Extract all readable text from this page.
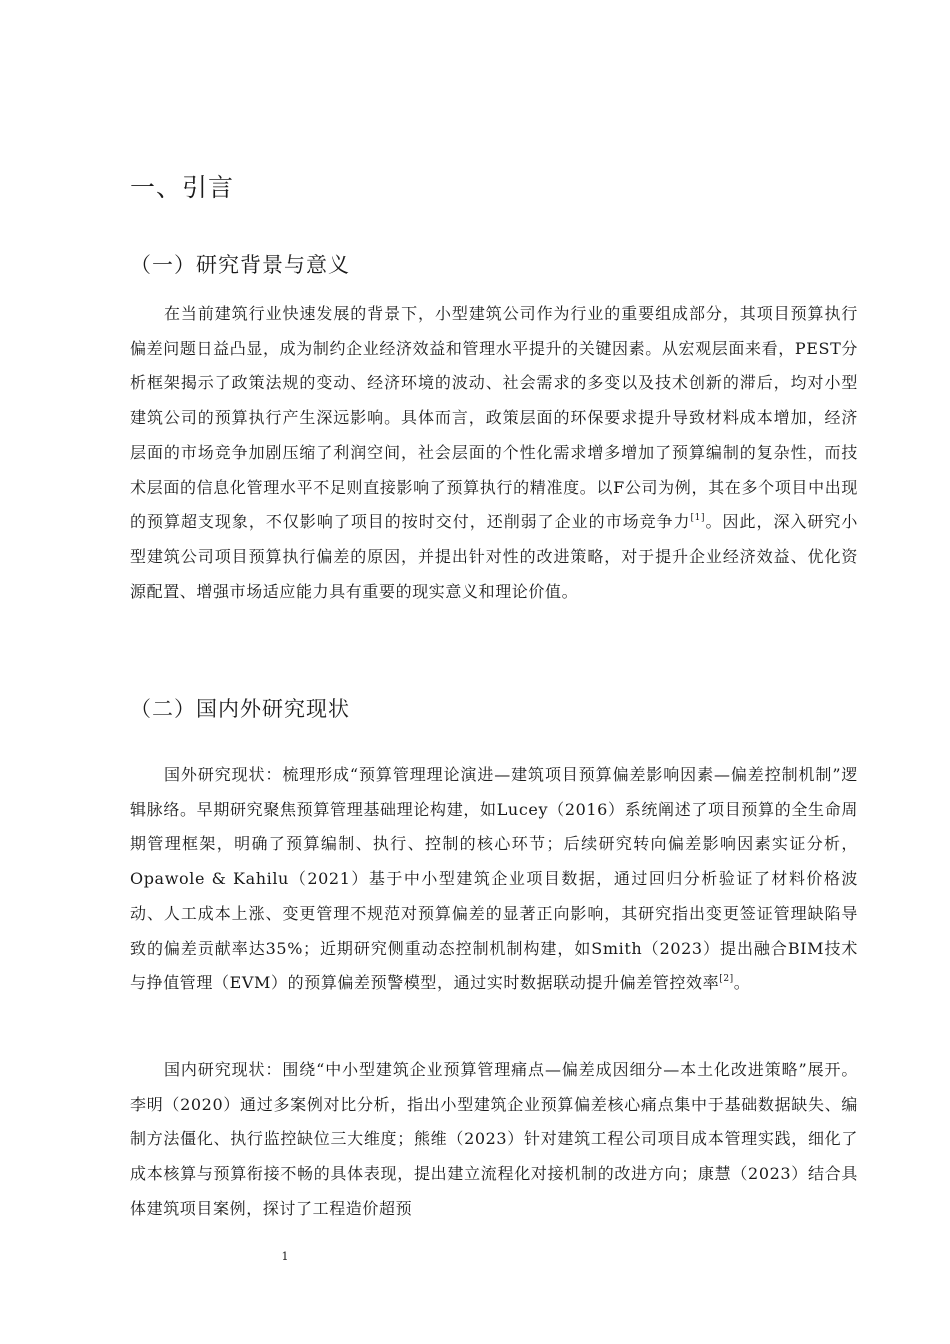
一、引言
（一）研究背景与意义

在当前建筑行业快速发展的背景下，小型建筑公司作为行业的重要组成部分，其项目预算执行偏差问题日益凸显，成为制约企业经济效益和管理水平提升的关键因素。从宏观层面来看，PEST分析框架揭示了政策法规的变动、经济环境的波动、社会需求的多变以及技术创新的滞后，均对小型建筑公司的预算执行产生深远影响。具体而言，政策层面的环保要求提升导致材料成本增加，经济层面的市场竞争加剧压缩了利润空间，社会层面的个性化需求增多增加了预算编制的复杂性，而技术层面的信息化管理水平不足则直接影响了预算执行的精准度。以F公司为例，其在多个项目中出现的预算超支现象，不仅影响了项目的按时交付，还削弱了企业的市场竞争力[1]。因此，深入研究小型建筑公司项目预算执行偏差的原因，并提出针对性的改进策略，对于提升企业经济效益、优化资源配置、增强市场适应能力具有重要的现实意义和理论价值。

（二）国内外研究现状

国外研究现状：梳理形成“预算管理理论演进—建筑项目预算偏差影响因素—偏差控制机制”逻辑脉络。早期研究聚焦预算管理基础理论构建，如Lucey（2016）系统阐述了项目预算的全生命周期管理框架，明确了预算编制、执行、控制的核心环节；后续研究转向偏差影响因素实证分析，Opawole & Kahilu（2021）基于中小型建筑企业项目数据，通过回归分析验证了材料价格波动、人工成本上涨、变更管理不规范对预算偏差的显著正向影响，其研究指出变更签证管理缺陷导致的偏差贡献率达35%；近期研究侧重动态控制机制构建，如Smith（2023）提出融合BIM技术与挣值管理（EVM）的预算偏差预警模型，通过实时数据联动提升偏差管控效率[2]。

国内研究现状：围绕“中小型建筑企业预算管理痛点—偏差成因细分—本土化改进策略”展开。李明（2020）通过多案例对比分析，指出小型建筑企业预算偏差核心痛点集中于基础数据缺失、编制方法僵化、执行监控缺位三大维度；熊维（2023）针对建筑工程公司项目成本管理实践，细化了成本核算与预算衔接不畅的具体表现，提出建立流程化对接机制的改进方向；康慧（2023）结合具体建筑项目案例，探讨了工程造价超预

1
